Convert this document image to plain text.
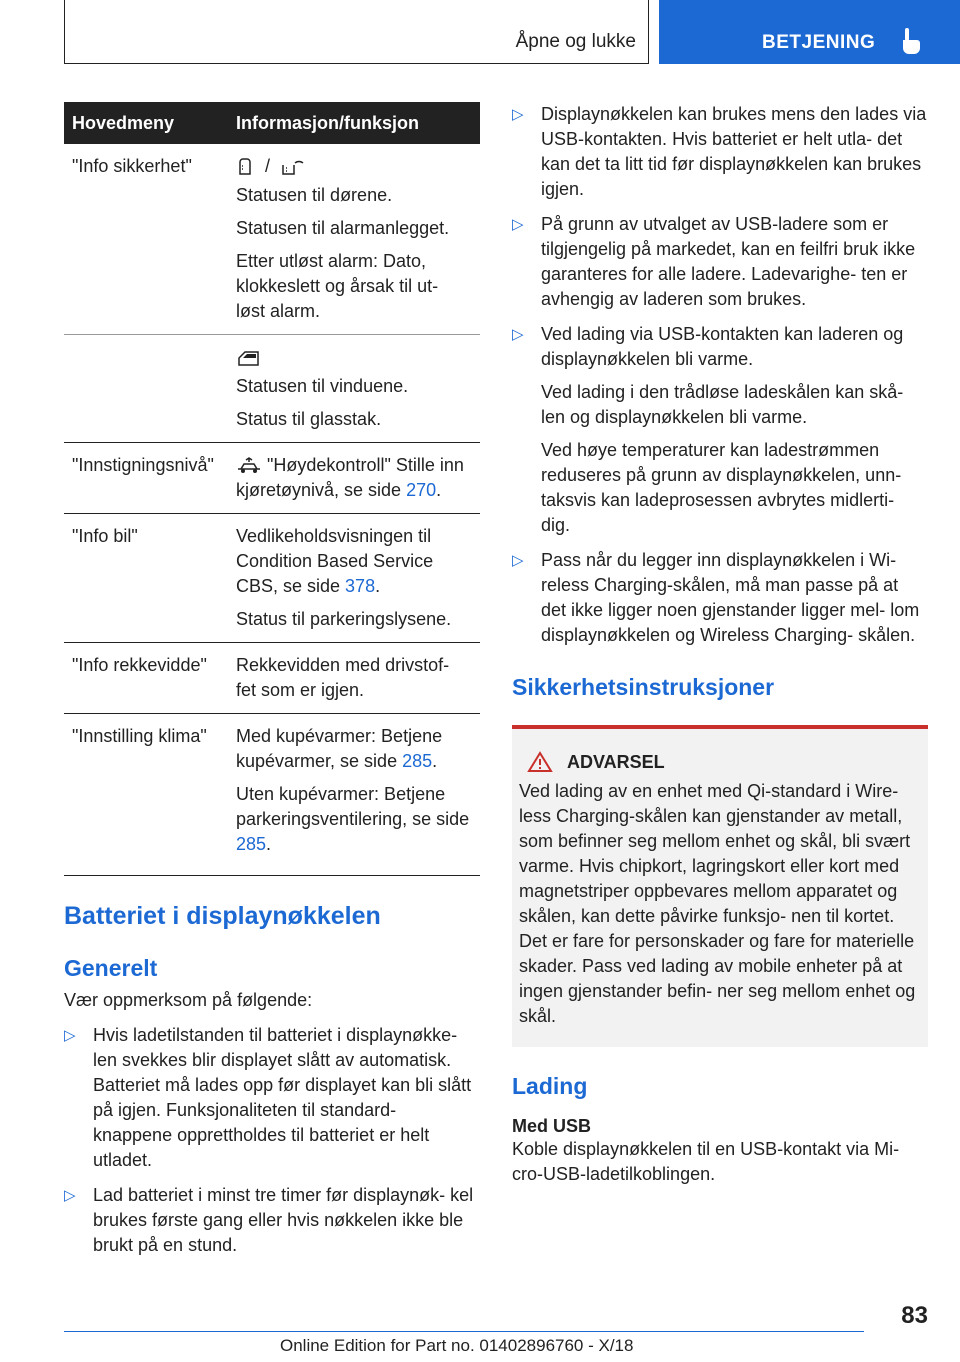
Åpne og lukke	BETJENING
Hovedmeny	Informasjon/funksjon
"Info sikkerhet"	/

Statusen til dørene.

Statusen til alarmanlegget.

Etter utløst alarm: Dato, klokkeslett og årsak til ut- løst alarm.

	Statusen til vinduene.

Status til glasstak.

"Innstigningsnivå"	"Høydekontroll" Stille inn kjøretøynivå, se side 270.

"Info bil"	Vedlikeholdsvisningen til Condition Based Service CBS, se side 378.

Status til parkeringslysene.

"Info rekkevidde"	Rekkevidden med drivstof- fet som er igjen.

"Innstilling klima"	Med kupévarmer: Betjene kupévarmer, se side 285.

Uten kupévarmer: Betjene parkeringsventilering, se side 285.

Batteriet i displaynøkkelen
Generelt

Vær oppmerksom på følgende:

▷ Hvis ladetilstanden til batteriet i displaynøkke- len svekkes blir displayet slått av automatisk. Batteriet må lades opp før displayet kan bli slått på igjen. Funksjonaliteten til standard- knappene opprettholdes til batteriet er helt utladet.
▷ Lad batteriet i minst tre timer før displaynøk- kel brukes første gang eller hvis nøkkelen ikke ble brukt på en stund.
▷ Displaynøkkelen kan brukes mens den lades via USB-kontakten. Hvis batteriet er helt utla- det kan det ta litt tid før displaynøkkelen kan brukes igjen.

▷ På grunn av utvalget av USB-ladere som er tilgjengelig på markedet, kan en feilfri bruk ikke garanteres for alle ladere. Ladevarighe- ten er avhengig av laderen som brukes.

▷ Ved lading via USB-kontakten kan laderen og displaynøkkelen bli varme.

Ved lading i den trådløse ladeskålen kan skå- len og displaynøkkelen bli varme.

Ved høye temperaturer kan ladestrømmen reduseres på grunn av displaynøkkelen, unn- taksvis kan ladeprosessen avbrytes midlerti- dig.

▷ Pass når du legger inn displaynøkkelen i Wi- reless Charging-skålen, må man passe på at det ikke ligger noen gjenstander ligger mel- lom displaynøkkelen og Wireless Charging- skålen.

Sikkerhetsinstruksjoner
ADVARSEL

Ved lading av en enhet med Qi-standard i Wire- less Charging-skålen kan gjenstander av metall, som befinner seg mellom enhet og skål, bli svært varme. Hvis chipkort, lagringskort eller kort med magnetstriper oppbevares mellom apparatet og skålen, kan dette påvirke funksjo- nen til kortet. Det er fare for personskader og fare for materielle skader. Pass ved lading av mobile enheter på at ingen gjenstander befin- ner seg mellom enhet og skål.

Lading
Med USB

Koble displaynøkkelen til en USB-kontakt via Mi- cro-USB-ladetilkoblingen.

83
Online Edition for Part no. 01402896760 - X/18
